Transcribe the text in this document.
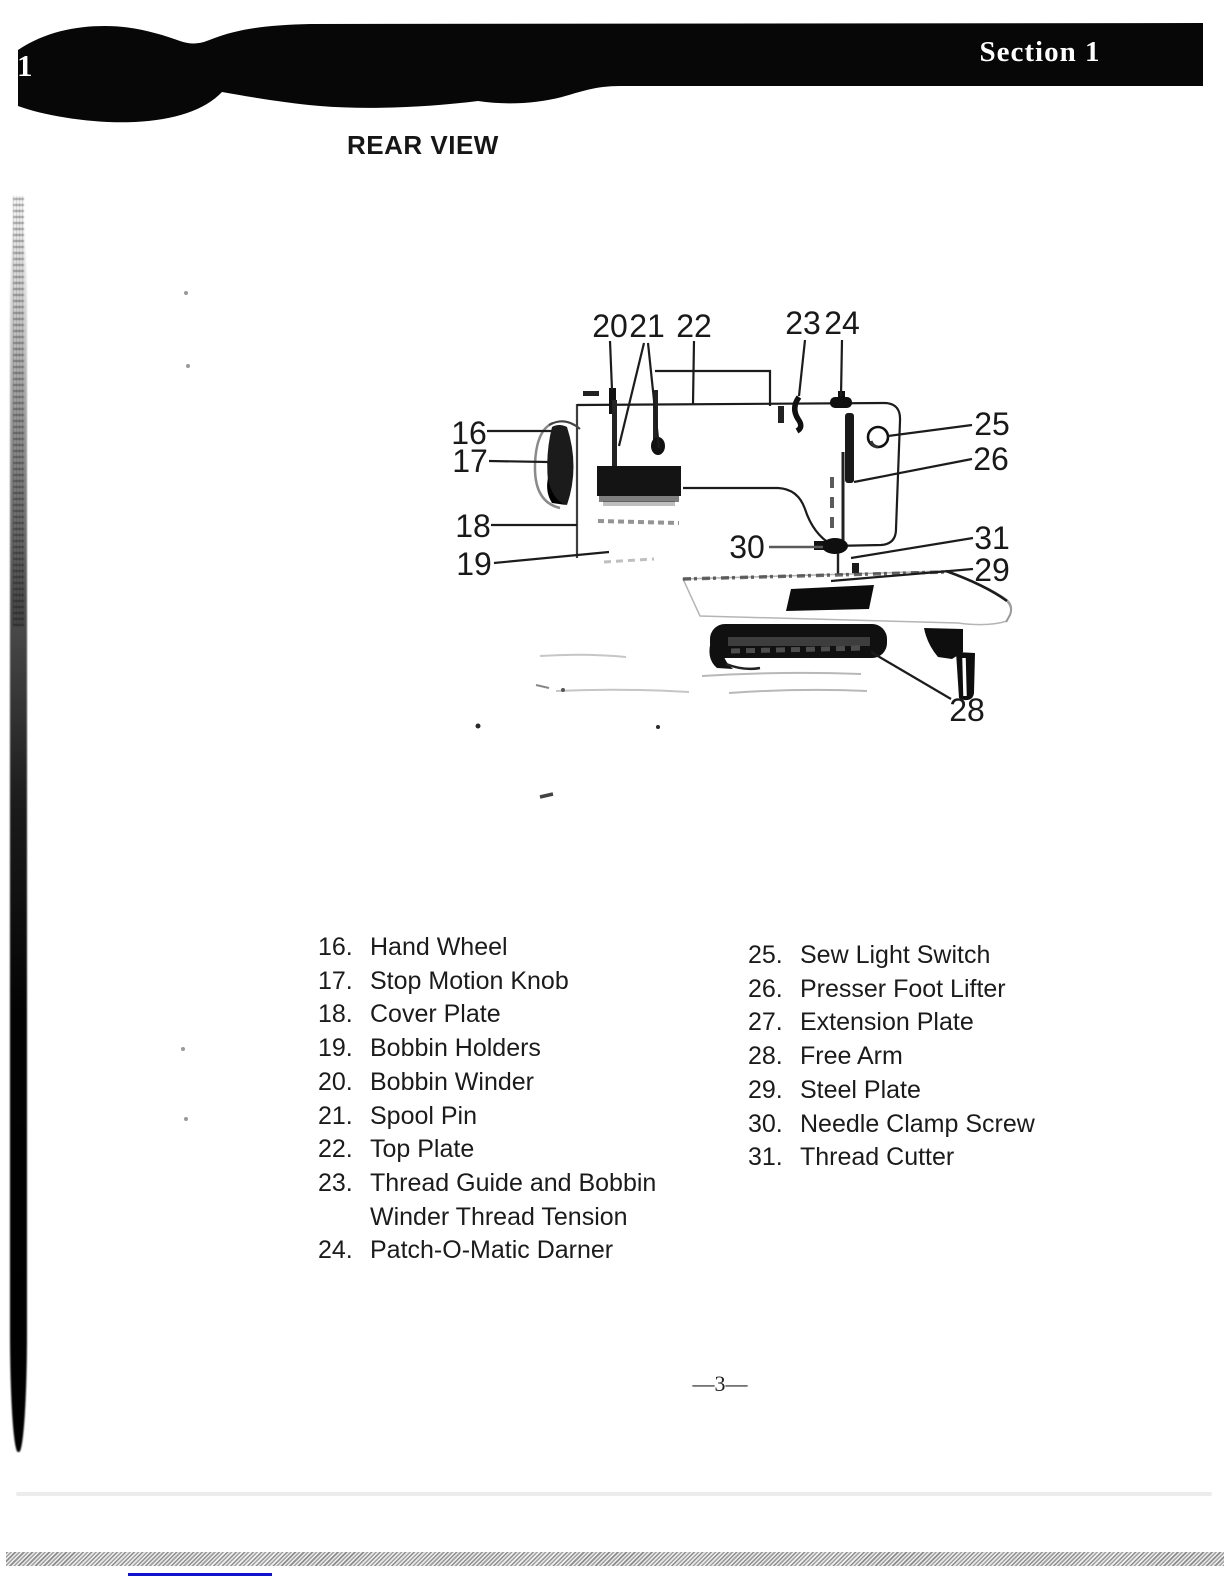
Section 1
1
REAR VIEW
16
17
18
19
20 21 22 23 24
25
26
31
29
30
28
16. Hand Wheel
17. Stop Motion Knob
18. Cover Plate
19. Bobbin Holders
20. Bobbin Winder
21. Spool Pin
22. Top Plate
23. Thread Guide and Bobbin
Winder Thread Tension
24. Patch-O-Matic Darner
25. Sew Light Switch
26. Presser Foot Lifter
27. Extension Plate
28. Free Arm
29. Steel Plate
30. Needle Clamp Screw
31. Thread Cutter
—3—
